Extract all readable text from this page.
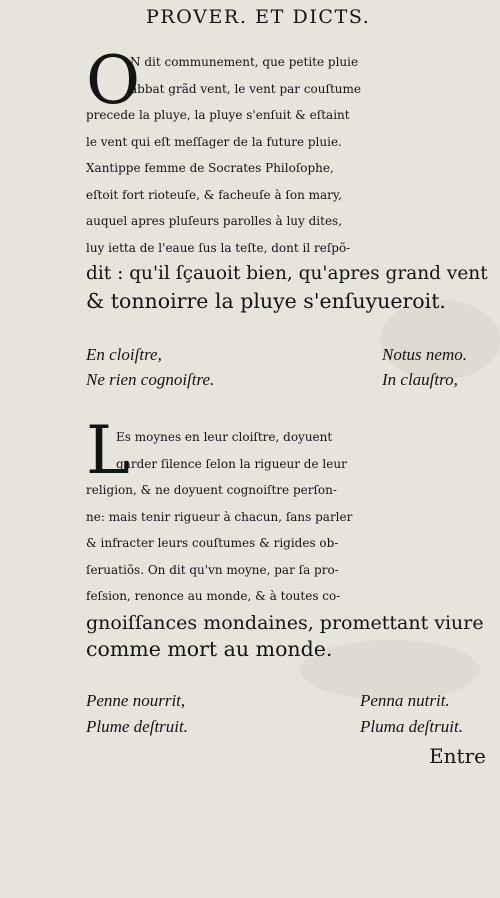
PROVER. ET DICTS.
O
N dit communement, que petite pluie
abbat grãd vent, le vent par couſtume
precede la pluye, la pluye s'enſuit & eſtaint
le vent qui eſt meſſager de la future pluie.
Xantippe femme de Socrates Philoſophe,
eſtoit fort rioteuſe, & facheuſe à ſon mary,
auquel apres pluſeurs parolles à luy dites,
luy ietta de l'eaue ſus la teſte, dont il reſpõ-
dit : qu'il ſçauoit bien, qu'apres grand vent
& tonnoirre la pluye s'enſuyueroit.
En cloiſtre,
Ne rien cognoiſtre.
Notus nemo.
In clauſtro,
L
Es moynes en leur cloiſtre, doyuent
garder ſilence ſelon la rigueur de leur
religion, & ne doyuent cognoiſtre perſon-
ne: mais tenir rigueur à chacun, ſans parler
& infracter leurs couſtumes & rigides ob-
ſeruatiõs. On dit qu'vn moyne, par ſa pro-
feſsion, renonce au monde, & à toutes co-
gnoiſſances mondaines, promettant viure
comme mort au monde.
Penne nourrit,
Plume deſtruit.
Penna nutrit.
Pluma deſtruit.
Entre
